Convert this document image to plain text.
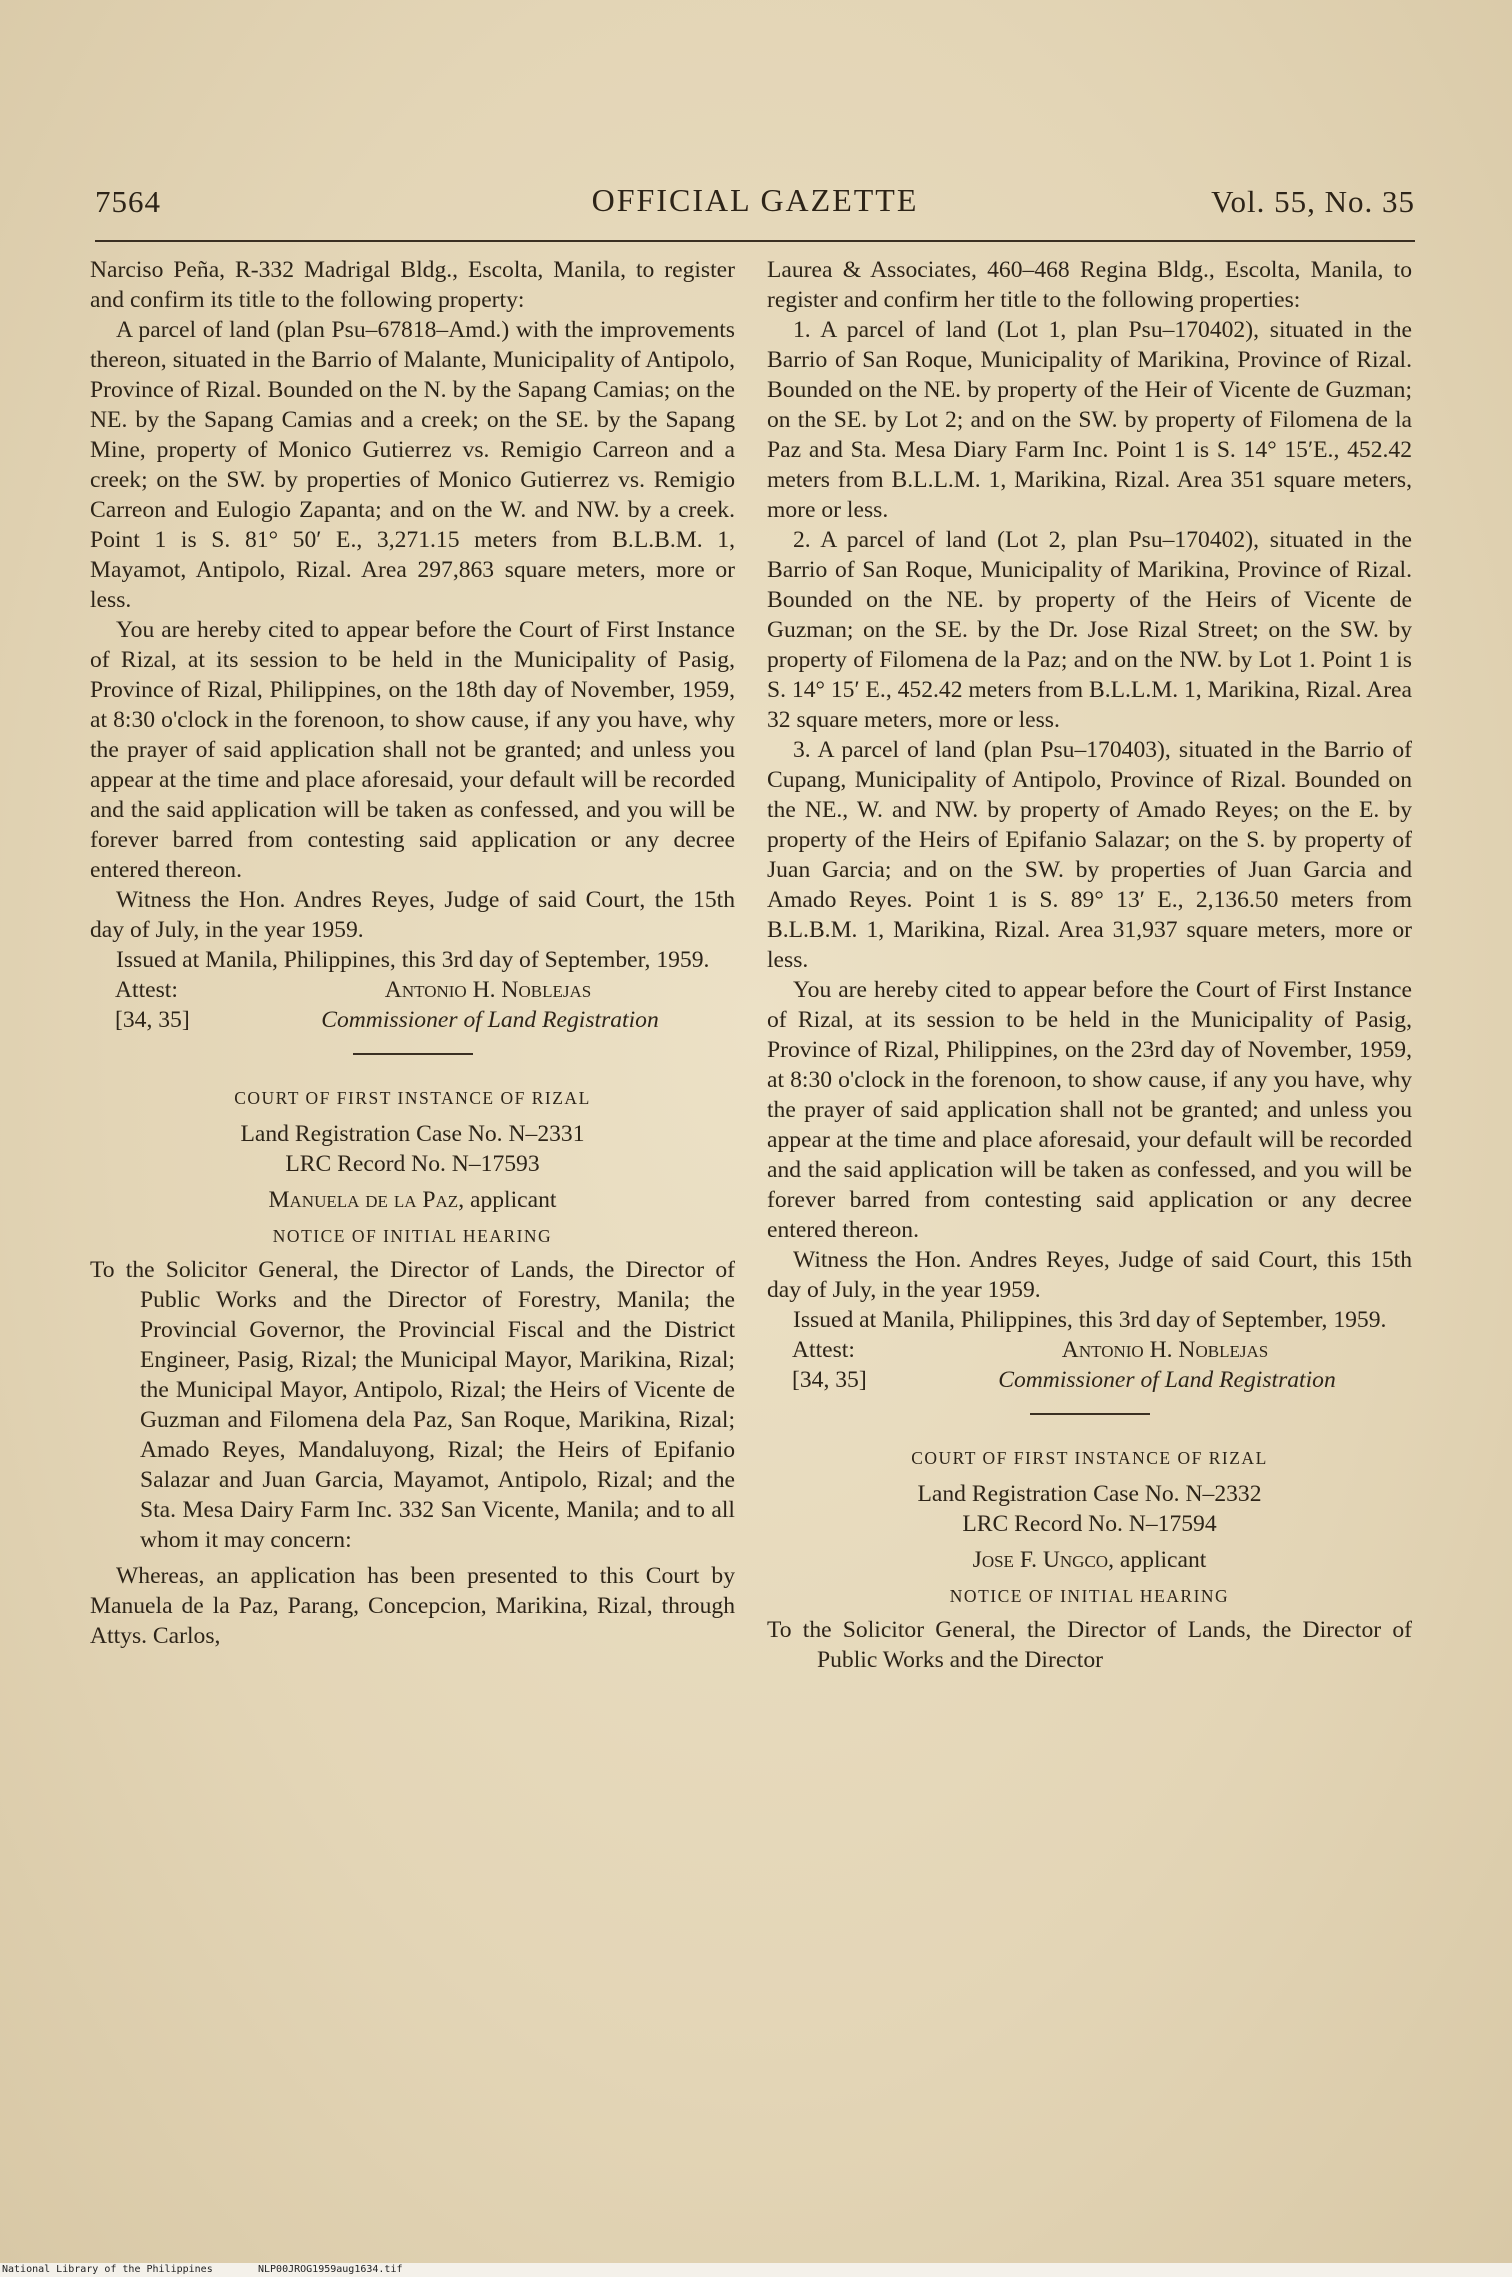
7564	OFFICIAL GAZETTE	Vol. 55, No. 35

Narciso Peña, R-332 Madrigal Bldg., Escolta, Manila, to register and confirm its title to the following property:

A parcel of land (plan Psu–67818–Amd.) with the improvements thereon, situated in the Barrio of Malante, Municipality of Antipolo, Province of Rizal. Bounded on the N. by the Sapang Camias; on the NE. by the Sapang Camias and a creek; on the SE. by the Sapang Mine, property of Monico Gutierrez vs. Remigio Carreon and a creek; on the SW. by properties of Monico Gutierrez vs. Remigio Carreon and Eulogio Zapanta; and on the W. and NW. by a creek. Point 1 is S. 81° 50′ E., 3,271.15 meters from B.L.B.M. 1, Mayamot, Antipolo, Rizal. Area 297,863 square meters, more or less.

You are hereby cited to appear before the Court of First Instance of Rizal, at its session to be held in the Municipality of Pasig, Province of Rizal, Philippines, on the 18th day of November, 1959, at 8:30 o'clock in the forenoon, to show cause, if any you have, why the prayer of said application shall not be granted; and unless you appear at the time and place aforesaid, your default will be recorded and the said application will be taken as confessed, and you will be forever barred from contesting said application or any decree entered thereon.

Witness the Hon. Andres Reyes, Judge of said Court, the 15th day of July, in the year 1959.

Issued at Manila, Philippines, this 3rd day of September, 1959.

Attest:	Antonio H. Noblejas
[34, 35]	Commissioner of Land Registration

COURT OF FIRST INSTANCE OF RIZAL

Land Registration Case No. N–2331

LRC Record No. N–17593

Manuela de la Paz, applicant

NOTICE OF INITIAL HEARING

To the Solicitor General, the Director of Lands, the Director of Public Works and the Director of Forestry, Manila; the Provincial Governor, the Provincial Fiscal and the District Engineer, Pasig, Rizal; the Municipal Mayor, Marikina, Rizal; the Municipal Mayor, Antipolo, Rizal; the Heirs of Vicente de Guzman and Filomena dela Paz, San Roque, Marikina, Rizal; Amado Reyes, Mandaluyong, Rizal; the Heirs of Epifanio Salazar and Juan Garcia, Mayamot, Antipolo, Rizal; and the Sta. Mesa Dairy Farm Inc. 332 San Vicente, Manila; and to all whom it may concern:

Whereas, an application has been presented to this Court by Manuela de la Paz, Parang, Concepcion, Marikina, Rizal, through Attys. Carlos,

Laurea & Associates, 460–468 Regina Bldg., Escolta, Manila, to register and confirm her title to the following properties:

1. A parcel of land (Lot 1, plan Psu–170402), situated in the Barrio of San Roque, Municipality of Marikina, Province of Rizal. Bounded on the NE. by property of the Heir of Vicente de Guzman; on the SE. by Lot 2; and on the SW. by property of Filomena de la Paz and Sta. Mesa Diary Farm Inc. Point 1 is S. 14° 15′E., 452.42 meters from B.L.L.M. 1, Marikina, Rizal. Area 351 square meters, more or less.

2. A parcel of land (Lot 2, plan Psu–170402), situated in the Barrio of San Roque, Municipality of Marikina, Province of Rizal. Bounded on the NE. by property of the Heirs of Vicente de Guzman; on the SE. by the Dr. Jose Rizal Street; on the SW. by property of Filomena de la Paz; and on the NW. by Lot 1. Point 1 is S. 14° 15′ E., 452.42 meters from B.L.L.M. 1, Marikina, Rizal. Area 32 square meters, more or less.

3. A parcel of land (plan Psu–170403), situated in the Barrio of Cupang, Municipality of Antipolo, Province of Rizal. Bounded on the NE., W. and NW. by property of Amado Reyes; on the E. by property of the Heirs of Epifanio Salazar; on the S. by property of Juan Garcia; and on the SW. by properties of Juan Garcia and Amado Reyes. Point 1 is S. 89° 13′ E., 2,136.50 meters from B.L.B.M. 1, Marikina, Rizal. Area 31,937 square meters, more or less.

You are hereby cited to appear before the Court of First Instance of Rizal, at its session to be held in the Municipality of Pasig, Province of Rizal, Philippines, on the 23rd day of November, 1959, at 8:30 o'clock in the forenoon, to show cause, if any you have, why the prayer of said application shall not be granted; and unless you appear at the time and place aforesaid, your default will be recorded and the said application will be taken as confessed, and you will be forever barred from contesting said application or any decree entered thereon.

Witness the Hon. Andres Reyes, Judge of said Court, this 15th day of July, in the year 1959.

Issued at Manila, Philippines, this 3rd day of September, 1959.

Attest:	Antonio H. Noblejas
[34, 35]	Commissioner of Land Registration

COURT OF FIRST INSTANCE OF RIZAL

Land Registration Case No. N–2332

LRC Record No. N–17594

Jose F. Ungco, applicant

NOTICE OF INITIAL HEARING

To the Solicitor General, the Director of Lands, the Director of Public Works and the Director

National Library of the Philippines	NLP00JROG1959aug1634.tif
